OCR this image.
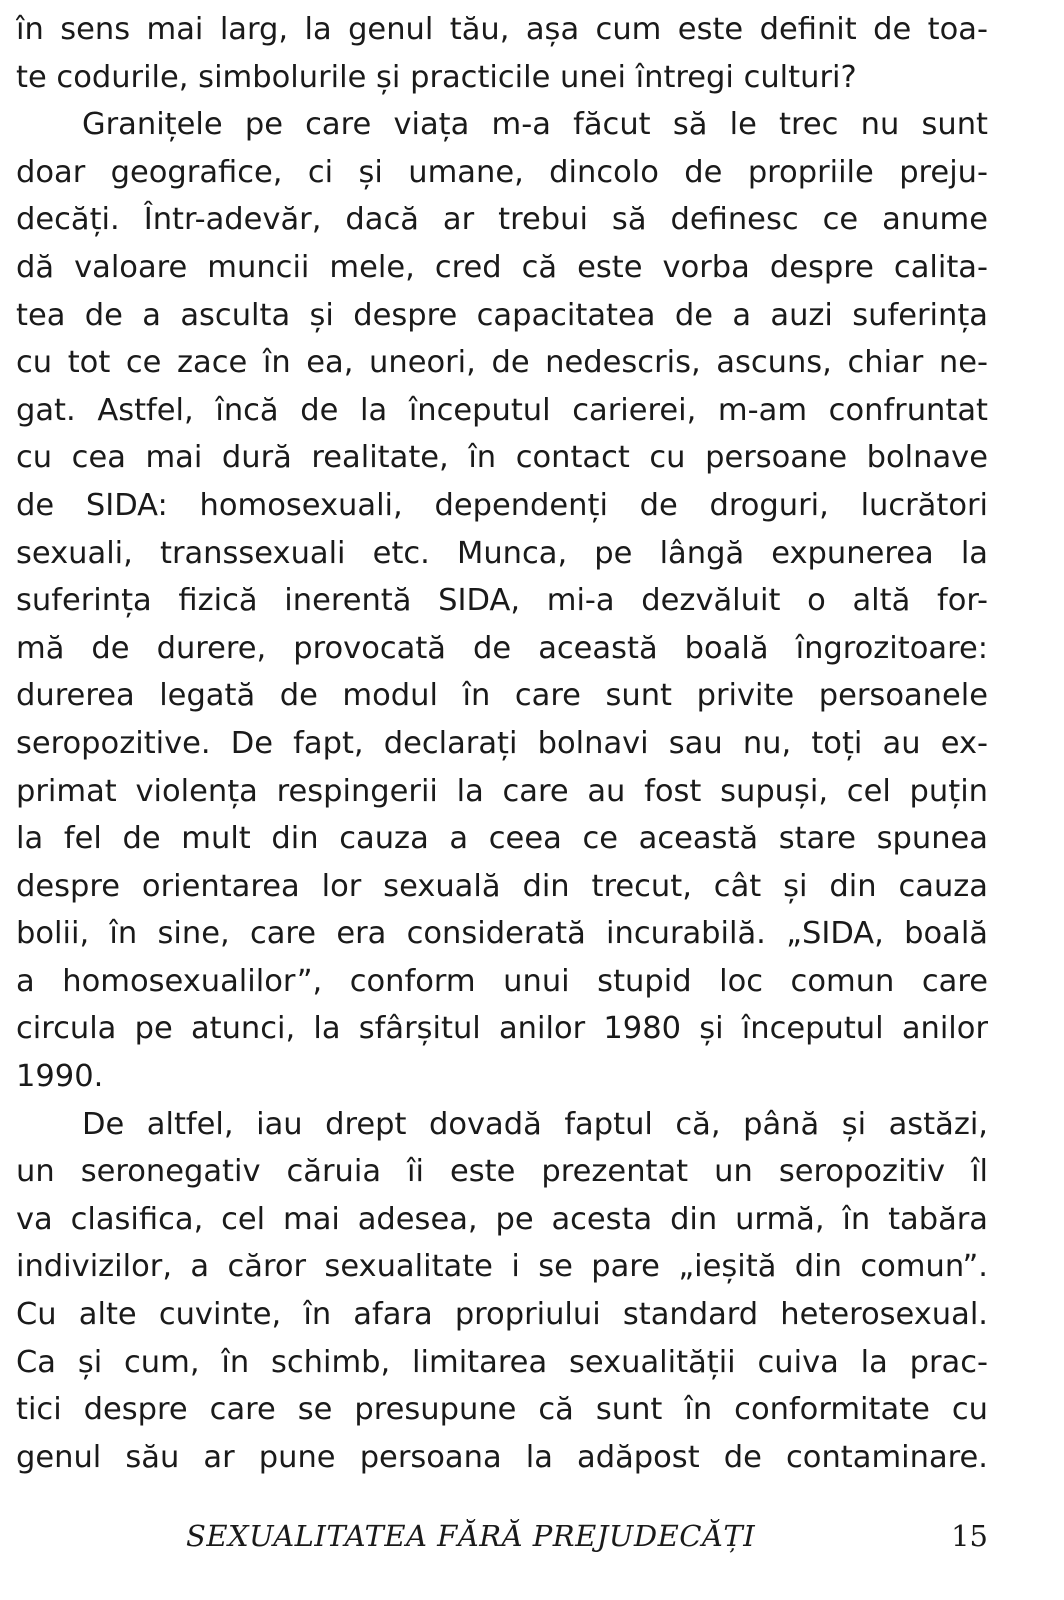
în sens mai larg, la genul tău, așa cum este definit de toa-
te codurile, simbolurile și practicile unei întregi culturi?
Granițele pe care viața m-a făcut să le trec nu sunt
doar geografice, ci și umane, dincolo de propriile preju-
decăți. Într-adevăr, dacă ar trebui să definesc ce anume
dă valoare muncii mele, cred că este vorba despre calita-
tea de a asculta și despre capacitatea de a auzi suferința
cu tot ce zace în ea, uneori, de nedescris, ascuns, chiar ne-
gat. Astfel, încă de la începutul carierei, m-am confruntat
cu cea mai dură realitate, în contact cu persoane bolnave
de SIDA: homosexuali, dependenți de droguri, lucrători
sexuali, transsexuali etc. Munca, pe lângă expunerea la
suferința fizică inerentă SIDA, mi-a dezvăluit o altă for-
mă de durere, provocată de această boală îngrozitoare:
durerea legată de modul în care sunt privite persoanele
seropozitive. De fapt, declarați bolnavi sau nu, toți au ex-
primat violența respingerii la care au fost supuși, cel puțin
la fel de mult din cauza a ceea ce această stare spunea
despre orientarea lor sexuală din trecut, cât și din cauza
bolii, în sine, care era considerată incurabilă. „SIDA, boală
a homosexualilor”, conform unui stupid loc comun care
circula pe atunci, la sfârșitul anilor 1980 și începutul anilor
1990.
De altfel, iau drept dovadă faptul că, până și astăzi,
un seronegativ căruia îi este prezentat un seropozitiv îl
va clasifica, cel mai adesea, pe acesta din urmă, în tabăra
indivizilor, a căror sexualitate i se pare „ieșită din comun”.
Cu alte cuvinte, în afara propriului standard heterosexual.
Ca și cum, în schimb, limitarea sexualității cuiva la prac-
tici despre care se presupune că sunt în conformitate cu
genul său ar pune persoana la adăpost de contaminare.
SEXUALITATEA FĂRĂ PREJUDECĂȚI	15
